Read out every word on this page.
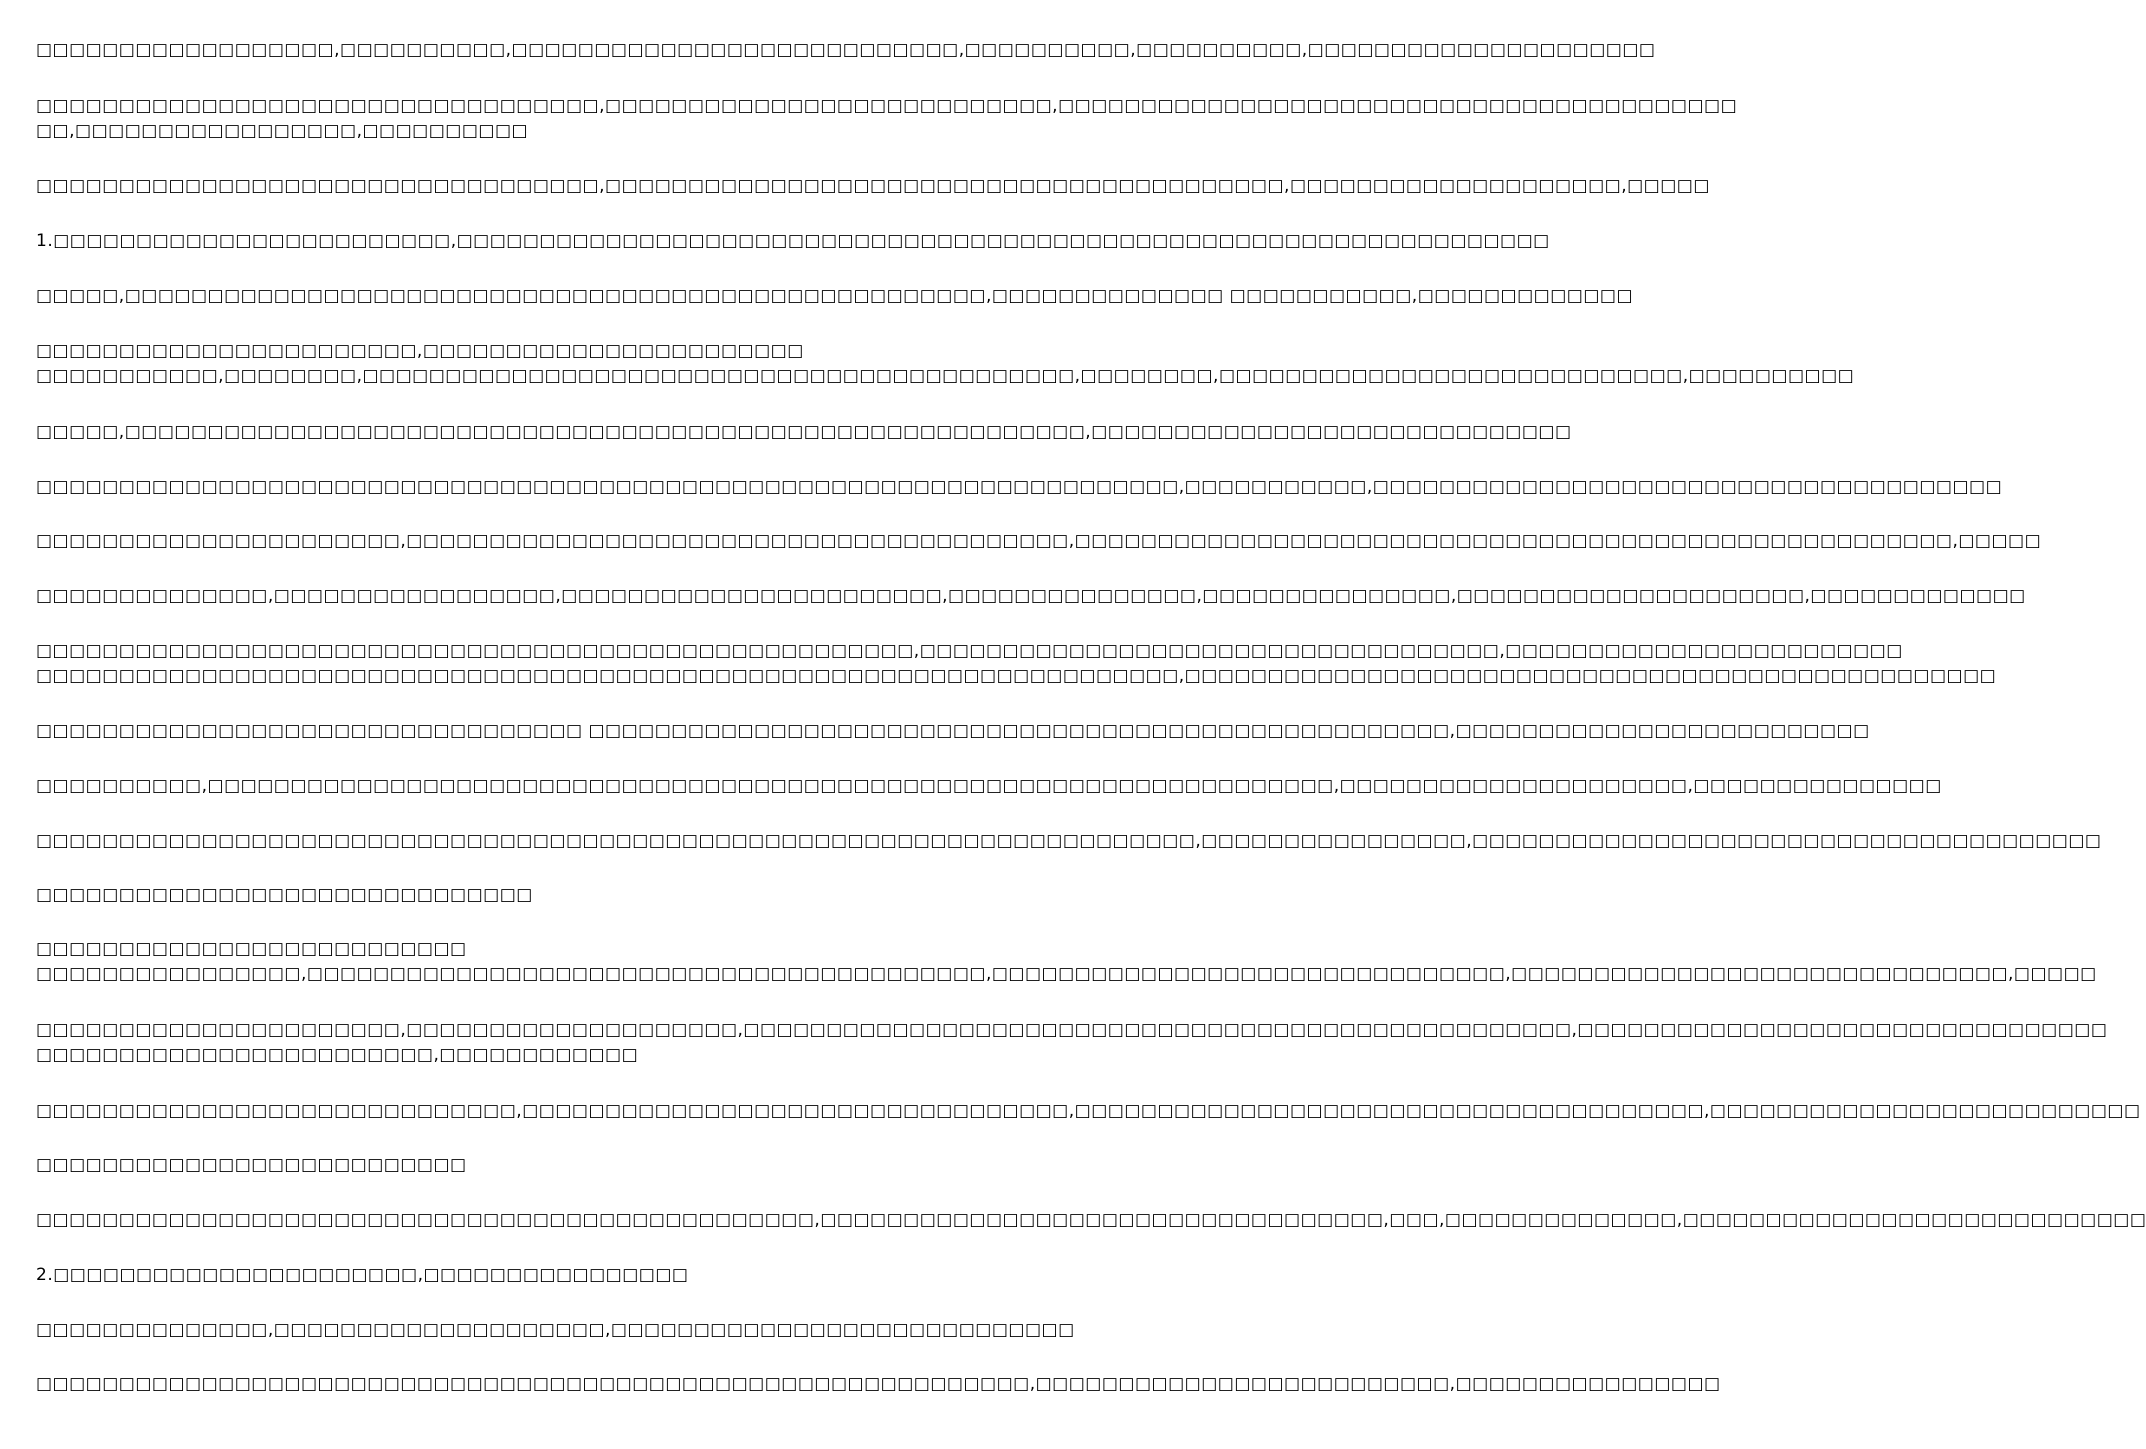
□□□□□□□□□□□□□□□□□□,□□□□□□□□□□,□□□□□□□□□□□□□□□□□□□□□□□□□□□,□□□□□□□□□□,□□□□□□□□□□,□□□□□□□□□□□□□□□□□□□□□
□□□□□□□□□□□□□□□□□□□□□□□□□□□□□□□□□□,□□□□□□□□□□□□□□□□□□□□□□□□□□□,□□□□□□□□□□□□□□□□□□□□□□□□□□□□□□□□□□□□□□□□□
□□,□□□□□□□□□□□□□□□□□,□□□□□□□□□□
□□□□□□□□□□□□□□□□□□□□□□□□□□□□□□□□□□,□□□□□□□□□□□□□□□□□□□□□□□□□□□□□□□□□□□□□□□□□,□□□□□□□□□□□□□□□□□□□□,□□□□□
1.□□□□□□□□□□□□□□□□□□□□□□□□,□□□□□□□□□□□□□□□□□□□□□□□□□□□□□□□□□□□□□□□□□□□□□□□□□□□□□□□□□□□□□□□□□□
□□□□□,□□□□□□□□□□□□□□□□□□□□□□□□□□□□□□□□□□□□□□□□□□□□□□□□□□□□,□□□□□□□□□□□□□□ □□□□□□□□□□□,□□□□□□□□□□□□□
□□□□□□□□□□□□□□□□□□□□□□□,□□□□□□□□□□□□□□□□□□□□□□□
□□□□□□□□□□□,□□□□□□□□,□□□□□□□□□□□□□□□□□□□□□□□□□□□□□□□□□□□□□□□□□□□,□□□□□□□□,□□□□□□□□□□□□□□□□□□□□□□□□□□□□,□□□□□□□□□□
□□□□□,□□□□□□□□□□□□□□□□□□□□□□□□□□□□□□□□□□□□□□□□□□□□□□□□□□□□□□□□□□,□□□□□□□□□□□□□□□□□□□□□□□□□□□□□
□□□□□□□□□□□□□□□□□□□□□□□□□□□□□□□□□□□□□□□□□□□□□□□□□□□□□□□□□□□□□□□□□□□□□,□□□□□□□□□□□,□□□□□□□□□□□□□□□□□□□□□□□□□□□□□□□□□□□□□□
□□□□□□□□□□□□□□□□□□□□□□,□□□□□□□□□□□□□□□□□□□□□□□□□□□□□□□□□□□□□□□□,□□□□□□□□□□□□□□□□□□□□□□□□□□□□□□□□□□□□□□□□□□□□□□□□□□□□□,□□□□□
□□□□□□□□□□□□□□,□□□□□□□□□□□□□□□□□,□□□□□□□□□□□□□□□□□□□□□□□,□□□□□□□□□□□□□□□,□□□□□□□□□□□□□□□,□□□□□□□□□□□□□□□□□□□□□,□□□□□□□□□□□□□
□□□□□□□□□□□□□□□□□□□□□□□□□□□□□□□□□□□□□□□□□□□□□□□□□□□□□,□□□□□□□□□□□□□□□□□□□□□□□□□□□□□□□□□□□,□□□□□□□□□□□□□□□□□□□□□□□□
□□□□□□□□□□□□□□□□□□□□□□□□□□□□□□□□□□□□□□□□□□□□□□□□□□□□□□□□□□□□□□□□□□□□□,□□□□□□□□□□□□□□□□□□□□□□□□□□□□□□□□□□□□□□□□□□□□□□□□□
□□□□□□□□□□□□□□□□□□□□□□□□□□□□□□□□□ □□□□□□□□□□□□□□□□□□□□□□□□□□□□□□□□□□□□□□□□□□□□□□□□□□□□,□□□□□□□□□□□□□□□□□□□□□□□□□
□□□□□□□□□□,□□□□□□□□□□□□□□□□□□□□□□□□□□□□□□□□□□□□□□□□□□□□□□□□□□□□□□□□□□□□□□□□□□□□,□□□□□□□□□□□□□□□□□□□□□,□□□□□□□□□□□□□□□
□□□□□□□□□□□□□□□□□□□□□□□□□□□□□□□□□□□□□□□□□□□□□□□□□□□□□□□□□□□□□□□□□□□□□□,□□□□□□□□□□□□□□□□,□□□□□□□□□□□□□□□□□□□□□□□□□□□□□□□□□□□□□□
□□□□□□□□□□□□□□□□□□□□□□□□□□□□□□
□□□□□□□□□□□□□□□□□□□□□□□□□□
□□□□□□□□□□□□□□□□,□□□□□□□□□□□□□□□□□□□□□□□□□□□□□□□□□□□□□□□□□,□□□□□□□□□□□□□□□□□□□□□□□□□□□□□□□,□□□□□□□□□□□□□□□□□□□□□□□□□□□□□□,□□□□□
□□□□□□□□□□□□□□□□□□□□□□,□□□□□□□□□□□□□□□□□□□□,□□□□□□□□□□□□□□□□□□□□□□□□□□□□□□□□□□□□□□□□□□□□□□□□□□,□□□□□□□□□□□□□□□□□□□□□□□□□□□□□□□□
□□□□□□□□□□□□□□□□□□□□□□□□,□□□□□□□□□□□□
□□□□□□□□□□□□□□□□□□□□□□□□□□□□□,□□□□□□□□□□□□□□□□□□□□□□□□□□□□□□□□□,□□□□□□□□□□□□□□□□□□□□□□□□□□□□□□□□□□□□□□,□□□□□□□□□□□□□□□□□□□□□□□□□□
□□□□□□□□□□□□□□□□□□□□□□□□□□
□□□□□□□□□□□□□□□□□□□□□□□□□□□□□□□□□□□□□□□□□□□□□□□,□□□□□□□□□□□□□□□□□□□□□□□□□□□□□□□□□□,□□□,□□□□□□□□□□□□□□,□□□□□□□□□□□□□□□□□□□□□□□□□□□□
2.□□□□□□□□□□□□□□□□□□□□□□,□□□□□□□□□□□□□□□□
□□□□□□□□□□□□□□,□□□□□□□□□□□□□□□□□□□□,□□□□□□□□□□□□□□□□□□□□□□□□□□□□
□□□□□□□□□□□□□□□□□□□□□□□□□□□□□□□□□□□□□□□□□□□□□□□□□□□□□□□□□□□□,□□□□□□□□□□□□□□□□□□□□□□□□□,□□□□□□□□□□□□□□□□
